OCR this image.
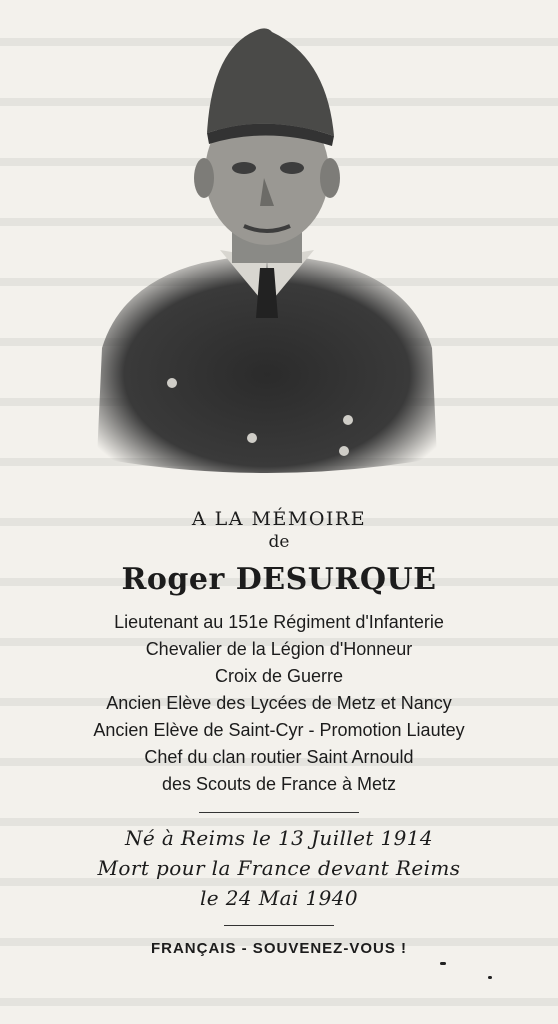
A LA MÉMOIRE
de
Roger DESURQUE
Lieutenant au 151e Régiment d'Infanterie
Chevalier de la Légion d'Honneur
Croix de Guerre
Ancien Elève des Lycées de Metz et Nancy
Ancien Elève de Saint-Cyr - Promotion Liautey
Chef du clan routier Saint Arnould
des Scouts de France à Metz
Né à Reims le 13 Juillet 1914
Mort pour la France devant Reims
le 24 Mai 1940
FRANÇAIS - SOUVENEZ-VOUS !
